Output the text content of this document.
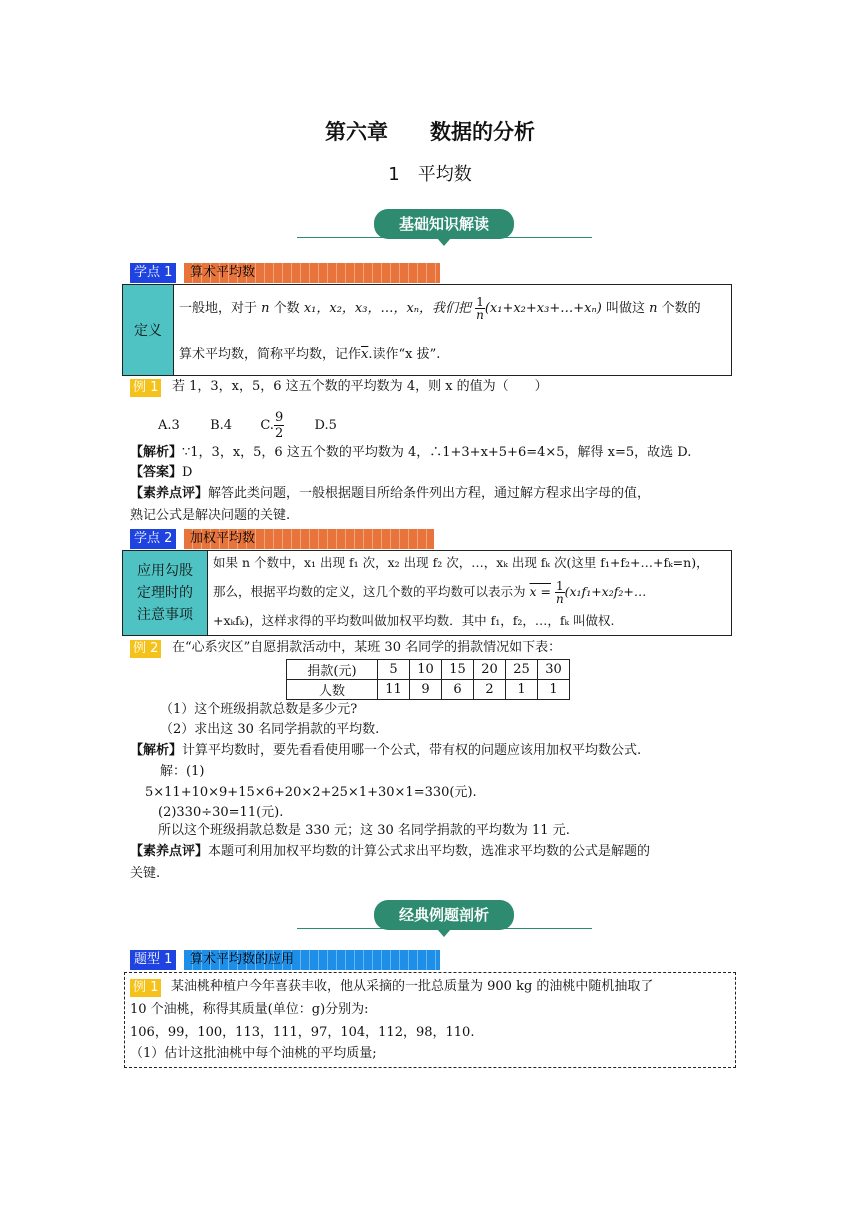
第六章　　数据的分析
1　平均数
基础知识解读
学点 1	算术平均数
定义
一般地，对于 n 个数 x₁，x₂，x₃，…，xₙ，我们把 $\frac{1}{n}$ (x₁+x₂+x₃+…+xₙ) 叫做这 n 个数的
算术平均数，简称平均数，记作$\overline{x}$.读作“x 拔”.
例 1 若 1，3，x，5，6 这五个数的平均数为 4，则 x 的值为（　　）
A.3 B.4 C. $\frac{9}{2} D.5$
【解析】∵1，3，x，5，6 这五个数的平均数为 4，∴1+3+x+5+6=4×5，解得 x=5，故选 D.
【答案】D
【素养点评】解答此类问题，一般根据题目所给条件列出方程，通过解方程求出字母的值，
熟记公式是解决问题的关键.
学点 2	加权平均数
应用勾股
定理时的
注意事项
如果 n 个数中，x₁ 出现 f₁ 次，x₂ 出现 f₂ 次，…，xₖ 出现 fₖ 次(这里 f₁+f₂+…+fₖ=n)，
那么，根据平均数的定义，这几个数的平均数可以表示为 $x = \frac{1}{n}$ (x₁f₁+x₂f₂+…
+xₖfₖ)，这样求得的平均数叫做加权平均数．其中 f₁，f₂，…，fₖ 叫做权.
例 2 在“心系灾区”自愿捐款活动中，某班 30 名同学的捐款情况如下表：
捐款(元)	5	10	15	20	25	30
人数	11	9	6	2	1	1
（1）这个班级捐款总数是多少元?
（2）求出这 30 名同学捐款的平均数.
【解析】计算平均数时，要先看看使用哪一个公式，带有权的问题应该用加权平均数公式.
解：(1)
5×11+10×9+15×6+20×2+25×1+30×1=330(元).
(2)330÷30=11(元).
所以这个班级捐款总数是 330 元；这 30 名同学捐款的平均数为 11 元.
【素养点评】本题可利用加权平均数的计算公式求出平均数，选准求平均数的公式是解题的
关键.
经典例题剖析
题型 1	算术平均数的应用
例 1 某油桃种植户今年喜获丰收，他从采摘的一批总质量为 900 kg 的油桃中随机抽取了
10 个油桃，称得其质量(单位：g)分别为:
106，99，100，113，111，97，104，112，98，110.
（1）估计这批油桃中每个油桃的平均质量;
